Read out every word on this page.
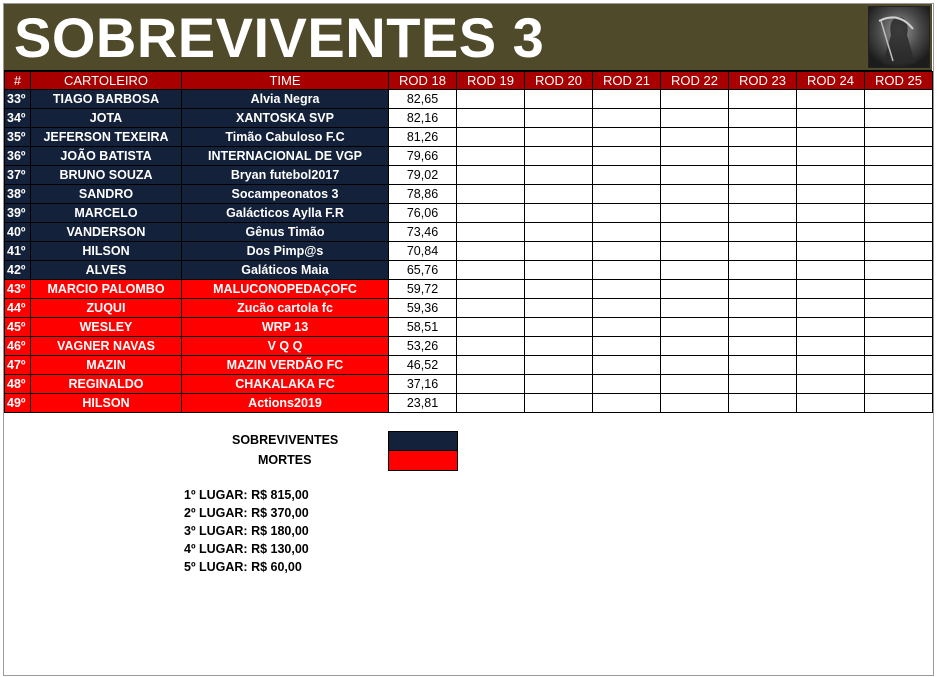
SOBREVIVENTES 3
#	CARTOLEIRO	TIME	ROD 18	ROD 19	ROD 20	ROD 21	ROD 22	ROD 23	ROD 24	ROD 25
33º	TIAGO BARBOSA	Alvia Negra	82,65							
34º	JOTA	XANTOSKA SVP	82,16							
35º	JEFERSON TEXEIRA	Timão Cabuloso F.C	81,26							
36º	JOÃO BATISTA	INTERNACIONAL DE VGP	79,66							
37º	BRUNO SOUZA	Bryan futebol2017	79,02							
38º	SANDRO	Socampeonatos 3	78,86							
39º	MARCELO	Galácticos Aylla F.R	76,06							
40º	VANDERSON	Gênus Timão	73,46							
41º	HILSON	Dos Pimp@s	70,84							
42º	ALVES	Galáticos Maia	65,76							
43º	MARCIO PALOMBO	MALUCONOPEDAÇOFC	59,72							
44º	ZUQUI	Zucão cartola fc	59,36							
45º	WESLEY	WRP 13	58,51							
46º	VAGNER NAVAS	V Q Q	53,26							
47º	MAZIN	MAZIN VERDÃO FC	46,52							
48º	REGINALDO	CHAKALAKA FC	37,16							
49º	HILSON	Actions2019	23,81							
SOBREVIVENTES
MORTES
1º LUGAR: R$ 815,00
2º LUGAR: R$ 370,00
3º LUGAR: R$ 180,00
4º LUGAR: R$ 130,00
5º LUGAR: R$ 60,00
